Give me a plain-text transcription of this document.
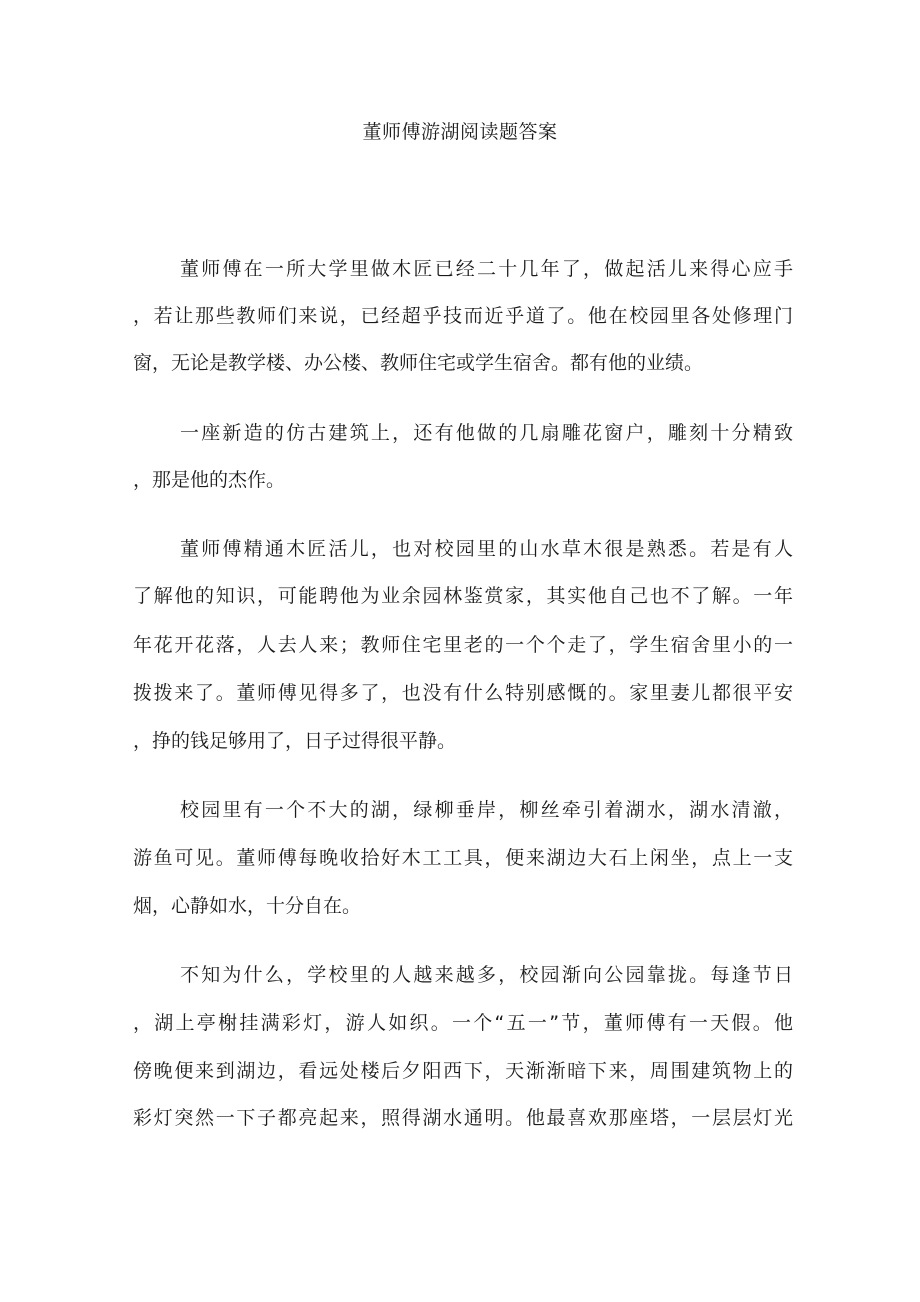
董师傅游湖阅读题答案
董师傅在一所大学里做木匠已经二十几年了，做起活儿来得心应手
，若让那些教师们来说，已经超乎技而近乎道了。他在校园里各处修理门
窗，无论是教学楼、办公楼、教师住宅或学生宿舍。都有他的业绩。
一座新造的仿古建筑上，还有他做的几扇雕花窗户，雕刻十分精致
，那是他的杰作。
董师傅精通木匠活儿，也对校园里的山水草木很是熟悉。若是有人
了解他的知识，可能聘他为业余园林鉴赏家，其实他自己也不了解。一年
年花开花落，人去人来；教师住宅里老的一个个走了，学生宿舍里小的一
拨拨来了。董师傅见得多了，也没有什么特别感慨的。家里妻儿都很平安
，挣的钱足够用了，日子过得很平静。
校园里有一个不大的湖，绿柳垂岸，柳丝牵引着湖水，湖水清澈，
游鱼可见。董师傅每晚收拾好木工工具，便来湖边大石上闲坐，点上一支
烟，心静如水，十分自在。
不知为什么，学校里的人越来越多，校园渐向公园靠拢。每逢节日
，湖上亭榭挂满彩灯，游人如织。一个“五一”节，董师傅有一天假。他
傍晚便来到湖边，看远处楼后夕阳西下，天渐渐暗下来，周围建筑物上的
彩灯突然一下子都亮起来，照得湖水通明。他最喜欢那座塔，一层层灯光
